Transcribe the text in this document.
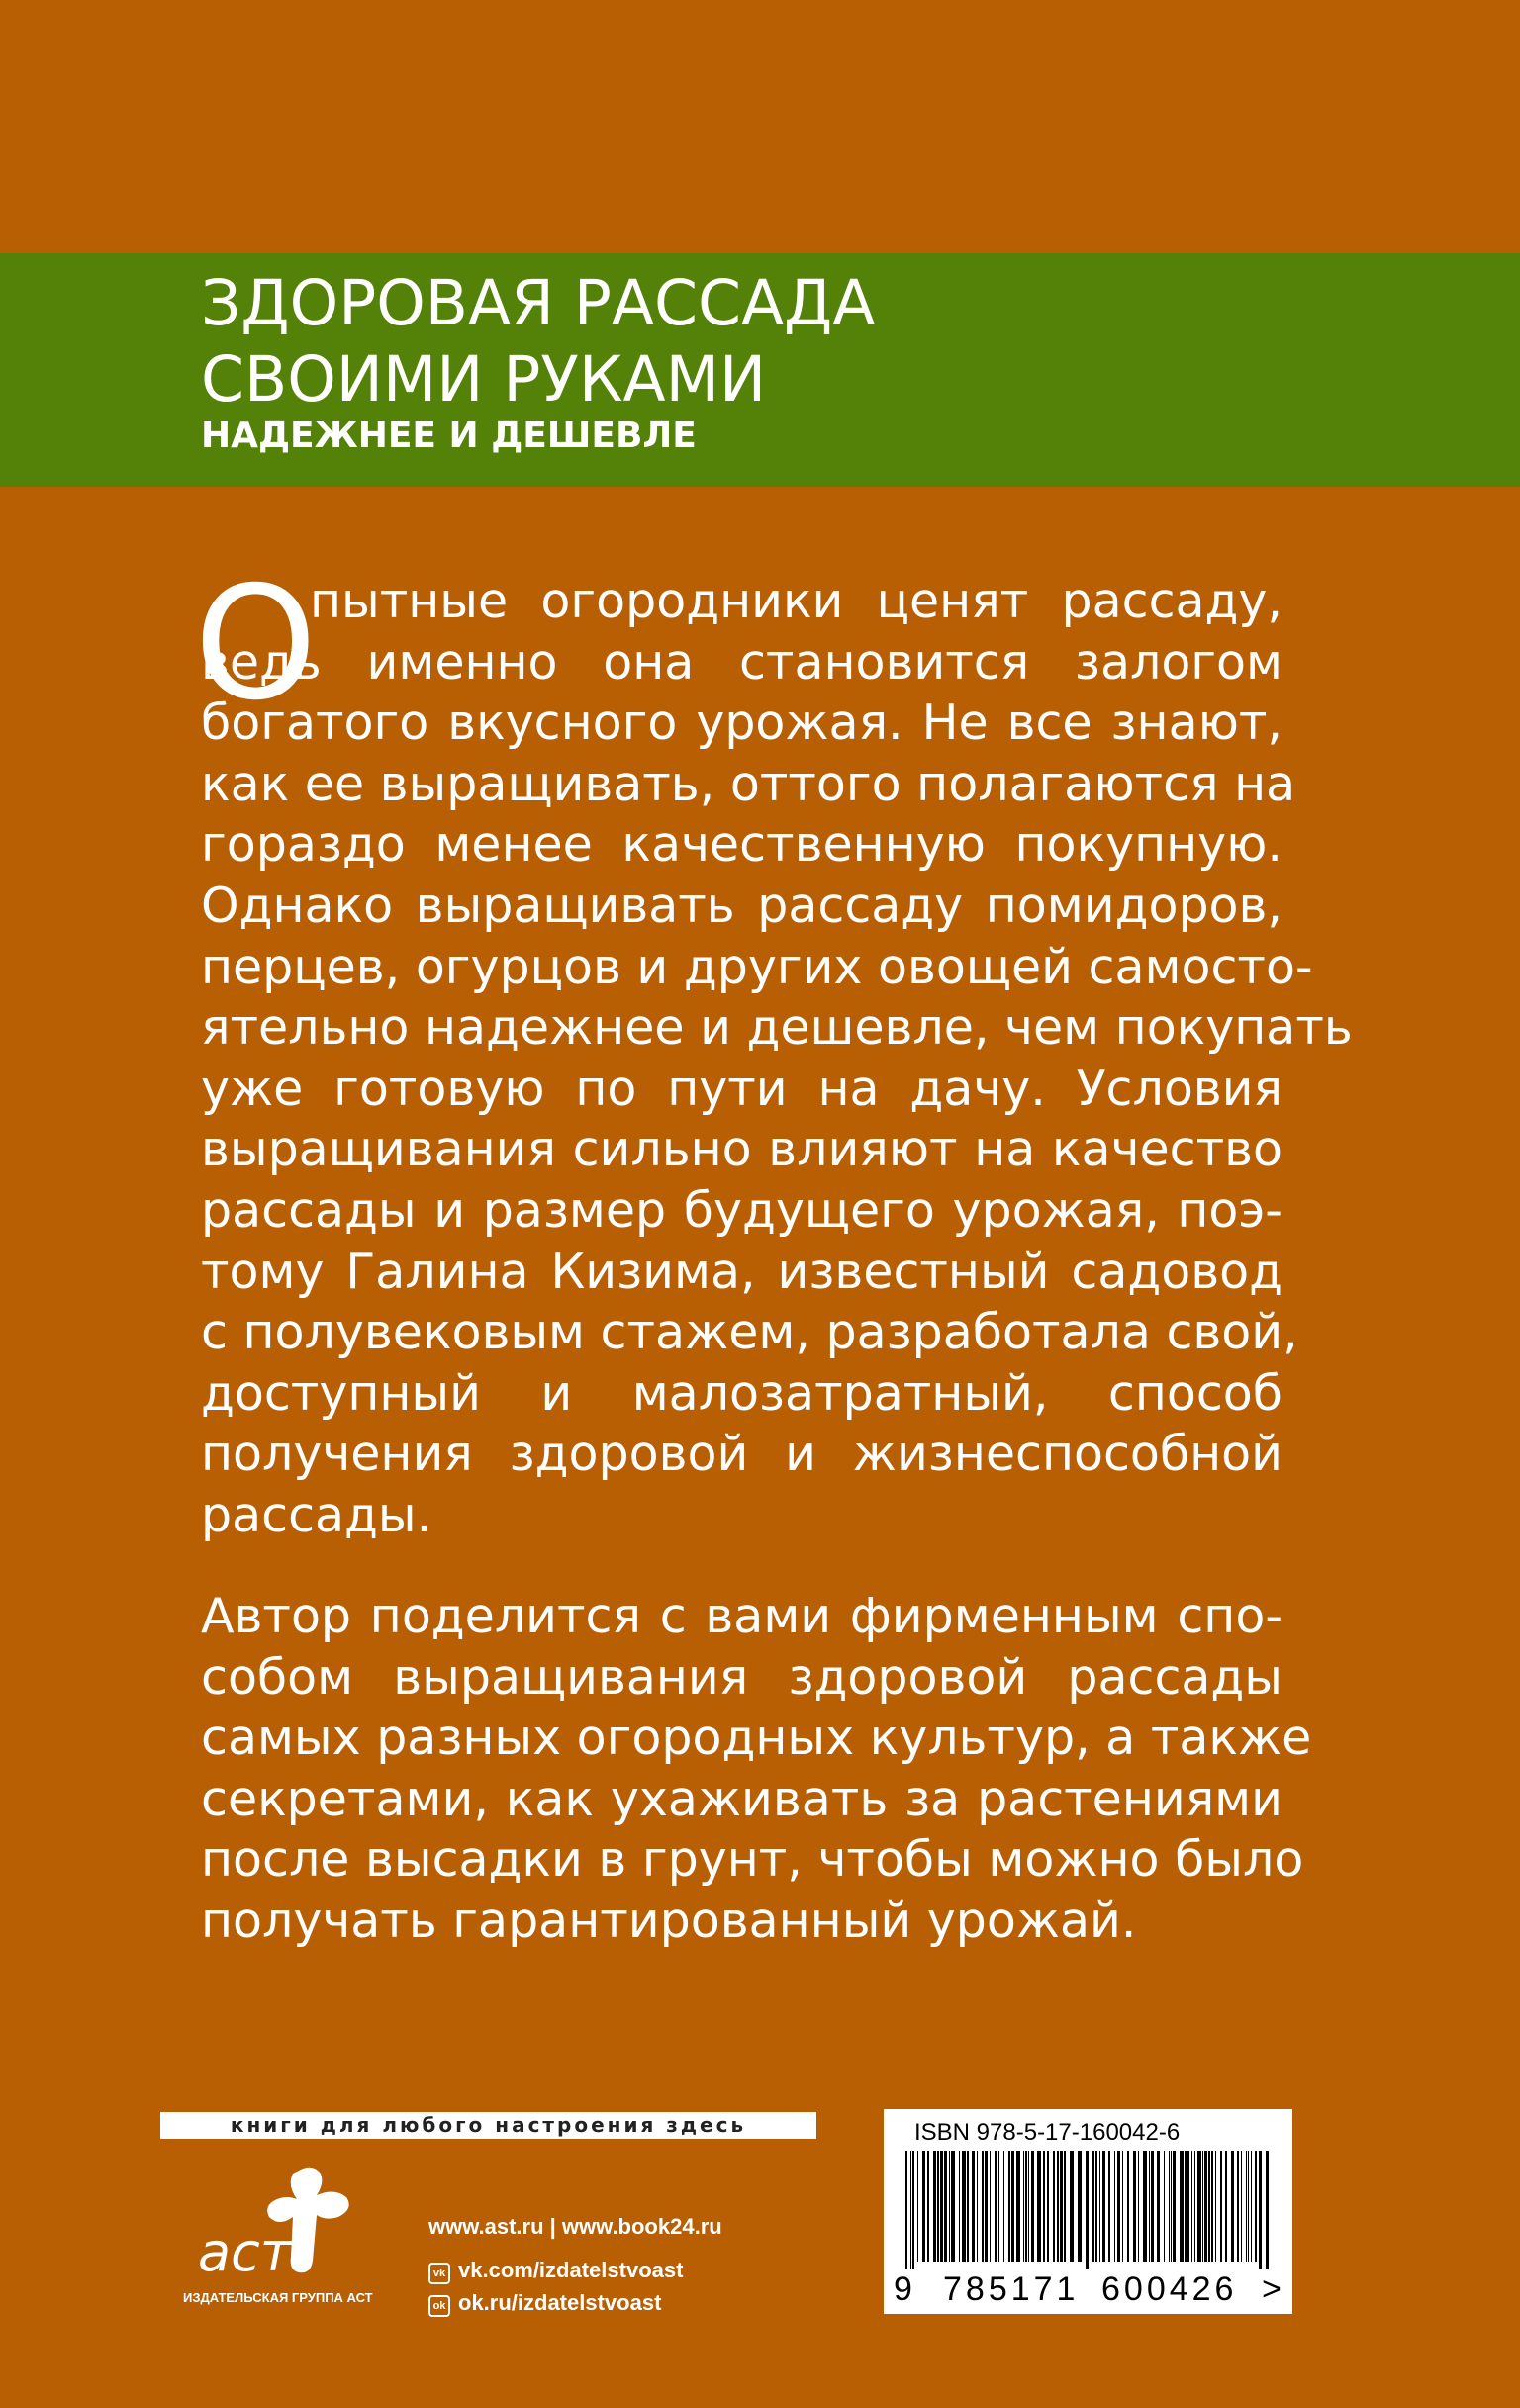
ЗДОРОВАЯ РАССАДА
СВОИМИ РУКАМИ
НАДЕЖНЕЕ И ДЕШЕВЛЕ
О
пытные огородники ценят рассаду,
ведь именно она становится залогом
богатого вкусного урожая. Не все знают,
как ее выращивать, оттого полагаются на
гораздо менее качественную покупную.
Однако выращивать рассаду помидоров,
перцев, огурцов и других овощей самосто-
ятельно надежнее и дешевле, чем покупать
уже готовую по пути на дачу. Условия
выращивания сильно влияют на качество
рассады и размер будущего урожая, поэ-
тому Галина Кизима, известный садовод
с полувековым стажем, разработала свой,
доступный и малозатратный, способ
получения здоровой и жизнеспособной
рассады.
Автор поделится с вами фирменным спо-
собом выращивания здоровой рассады
самых разных огородных культур, а также
секретами, как ухаживать за растениями
после высадки в грунт, чтобы можно было
получать гарантированный урожай.
книги для любого настроения здесь
аст
ИЗДАТЕЛЬСКАЯ ГРУППА АСТ
www.ast.ru | www.book24.ru
vk vk.com/izdatelstvoast
ok ok.ru/izdatelstvoast
ISBN 978-5-17-160042-6
9 785171 600426 >
